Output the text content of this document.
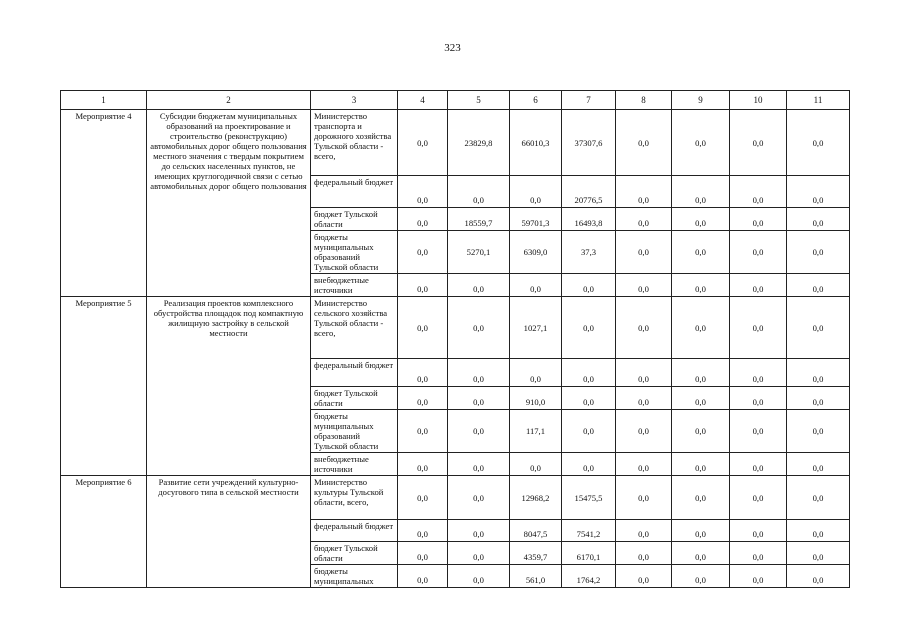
323
1	2	3	4	5	6	7	8	9	10	11
Мероприятие 4	Субсидии бюджетам муниципальных образований на проектирование и строительство (реконструкцию) автомобильных дорог общего пользования местного значения с твердым покрытием до сельских населенных пунктов, не имеющих круглогодичной связи с сетью автомобильных дорог общего пользования	Министерство транспорта и дорожного хозяйства Тульской области - всего,	0,0	23829,8	66010,3	37307,6	0,0	0,0	0,0	0,0
		федеральный бюджет	0,0	0,0	0,0	20776,5	0,0	0,0	0,0	0,0
		бюджет Тульской области	0,0	18559,7	59701,3	16493,8	0,0	0,0	0,0	0,0
		бюджеты муниципальных образований Тульской области	0,0	5270,1	6309,0	37,3	0,0	0,0	0,0	0,0
		внебюджетные источники	0,0	0,0	0,0	0,0	0,0	0,0	0,0	0,0
Мероприятие 5	Реализация проектов комплексного обустройства площадок под компактную жилищную застройку в сельской местности	Министерство сельского хозяйства Тульской области - всего,	0,0	0,0	1027,1	0,0	0,0	0,0	0,0	0,0
		федеральный бюджет	0,0	0,0	0,0	0,0	0,0	0,0	0,0	0,0
		бюджет Тульской области	0,0	0,0	910,0	0,0	0,0	0,0	0,0	0,0
		бюджеты муниципальных образований Тульской области	0,0	0,0	117,1	0,0	0,0	0,0	0,0	0,0
		внебюджетные источники	0,0	0,0	0,0	0,0	0,0	0,0	0,0	0,0
Мероприятие 6	Развитие сети учреждений культурно-досугового типа в сельской местности	Министерство культуры Тульской области, всего,	0,0	0,0	12968,2	15475,5	0,0	0,0	0,0	0,0
		федеральный бюджет	0,0	0,0	8047,5	7541,2	0,0	0,0	0,0	0,0
		бюджет Тульской области	0,0	0,0	4359,7	6170,1	0,0	0,0	0,0	0,0
		бюджеты муниципальных	0,0	0,0	561,0	1764,2	0,0	0,0	0,0	0,0
